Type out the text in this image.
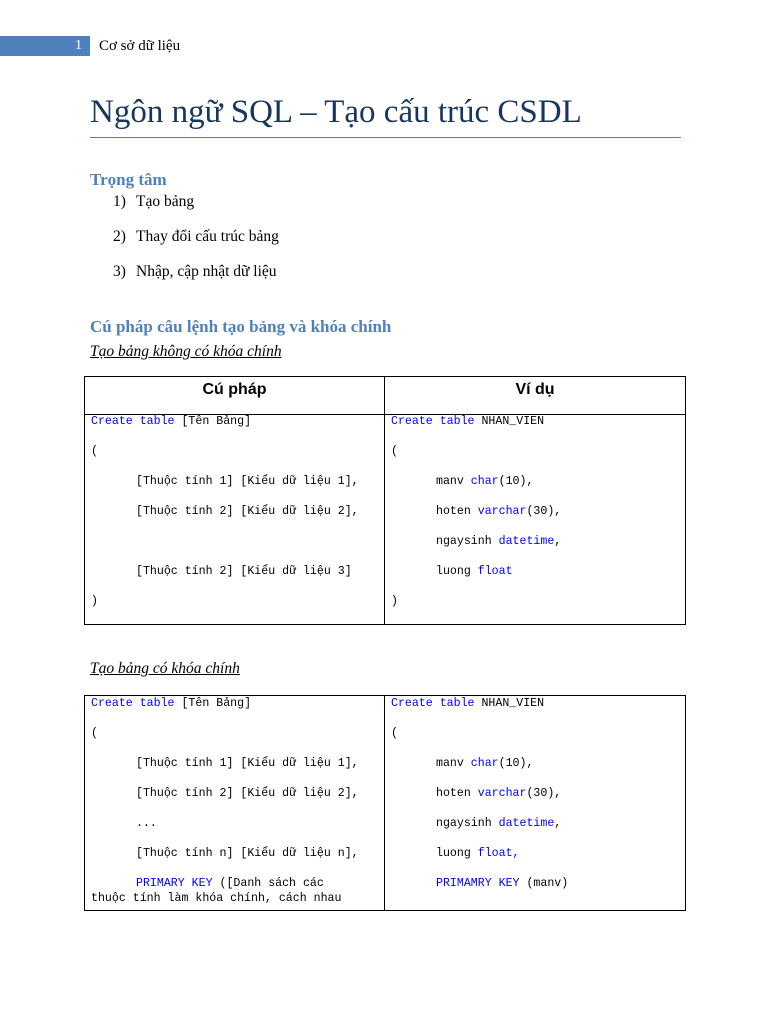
1	Cơ sở dữ liệu
Ngôn ngữ SQL – Tạo cấu trúc CSDL
Trọng tâm
1) Tạo bảng
2) Thay đổi cấu trúc bảng
3) Nhập, cập nhật dữ liệu
Cú pháp câu lệnh tạo bảng và khóa chính
Tạo bảng không có khóa chính
Cú pháp	Ví dụ
Create table [Tên Bảng]
(
[Thuộc tính 1] [Kiểu dữ liệu 1],
[Thuộc tính 2] [Kiểu dữ liệu 2],
[Thuộc tính 2] [Kiểu dữ liệu 3]
)
Create table NHAN_VIEN
(
manv char(10),
hoten varchar(30),
ngaysinh datetime,
luong float
)
Tạo bảng có khóa chính
Create table [Tên Bảng]
(
[Thuộc tính 1] [Kiểu dữ liệu 1],
[Thuộc tính 2] [Kiểu dữ liệu 2],
...
[Thuộc tính n] [Kiểu dữ liệu n],
PRIMARY KEY ([Danh sách các
thuộc tính làm khóa chính, cách nhau
Create table NHAN_VIEN
(
manv char(10),
hoten varchar(30),
ngaysinh datetime,
luong float,
PRIMAMRY KEY (manv)
